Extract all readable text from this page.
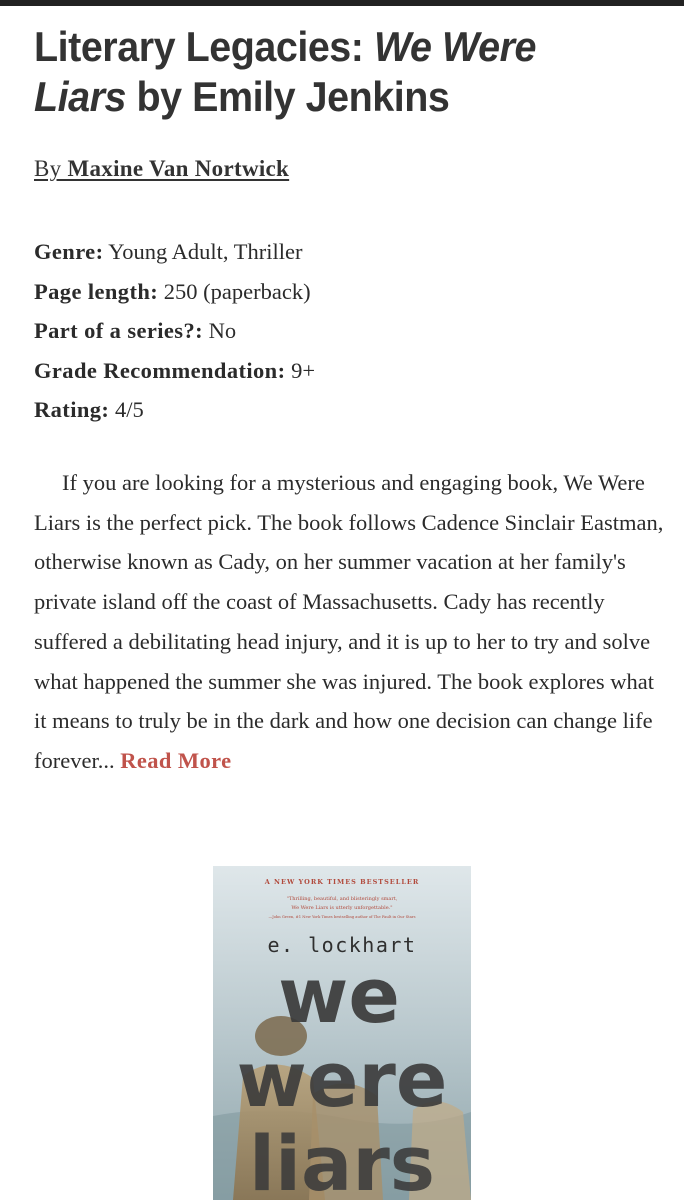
Literary Legacies: We Were
Liars by Emily Jenkins

By Maxine Van Nortwick

Genre: Young Adult, Thriller
Page length: 250 (paperback)
Part of a series?: No
Grade Recommendation: 9+
Rating: 4/5

If you are looking for a mysterious and engaging book, We Were Liars is the perfect pick. The book follows Cadence Sinclair Eastman, otherwise known as Cady, on her summer vacation at her family's private island off the coast of Massachusetts. Cady has recently suffered a debilitating head injury, and it is up to her to try and solve what happened the summer she was injured. The book explores what it means to truly be in the dark and how one decision can change life forever... Read More

A NEW YORK TIMES BESTSELLER
"Thrilling, beautiful, and blisteringly smart,
We Were Liars is utterly unforgettable."
—John Green, #1 New York Times bestselling author of The Fault in Our Stars
e. lockhart
we
were
liars
